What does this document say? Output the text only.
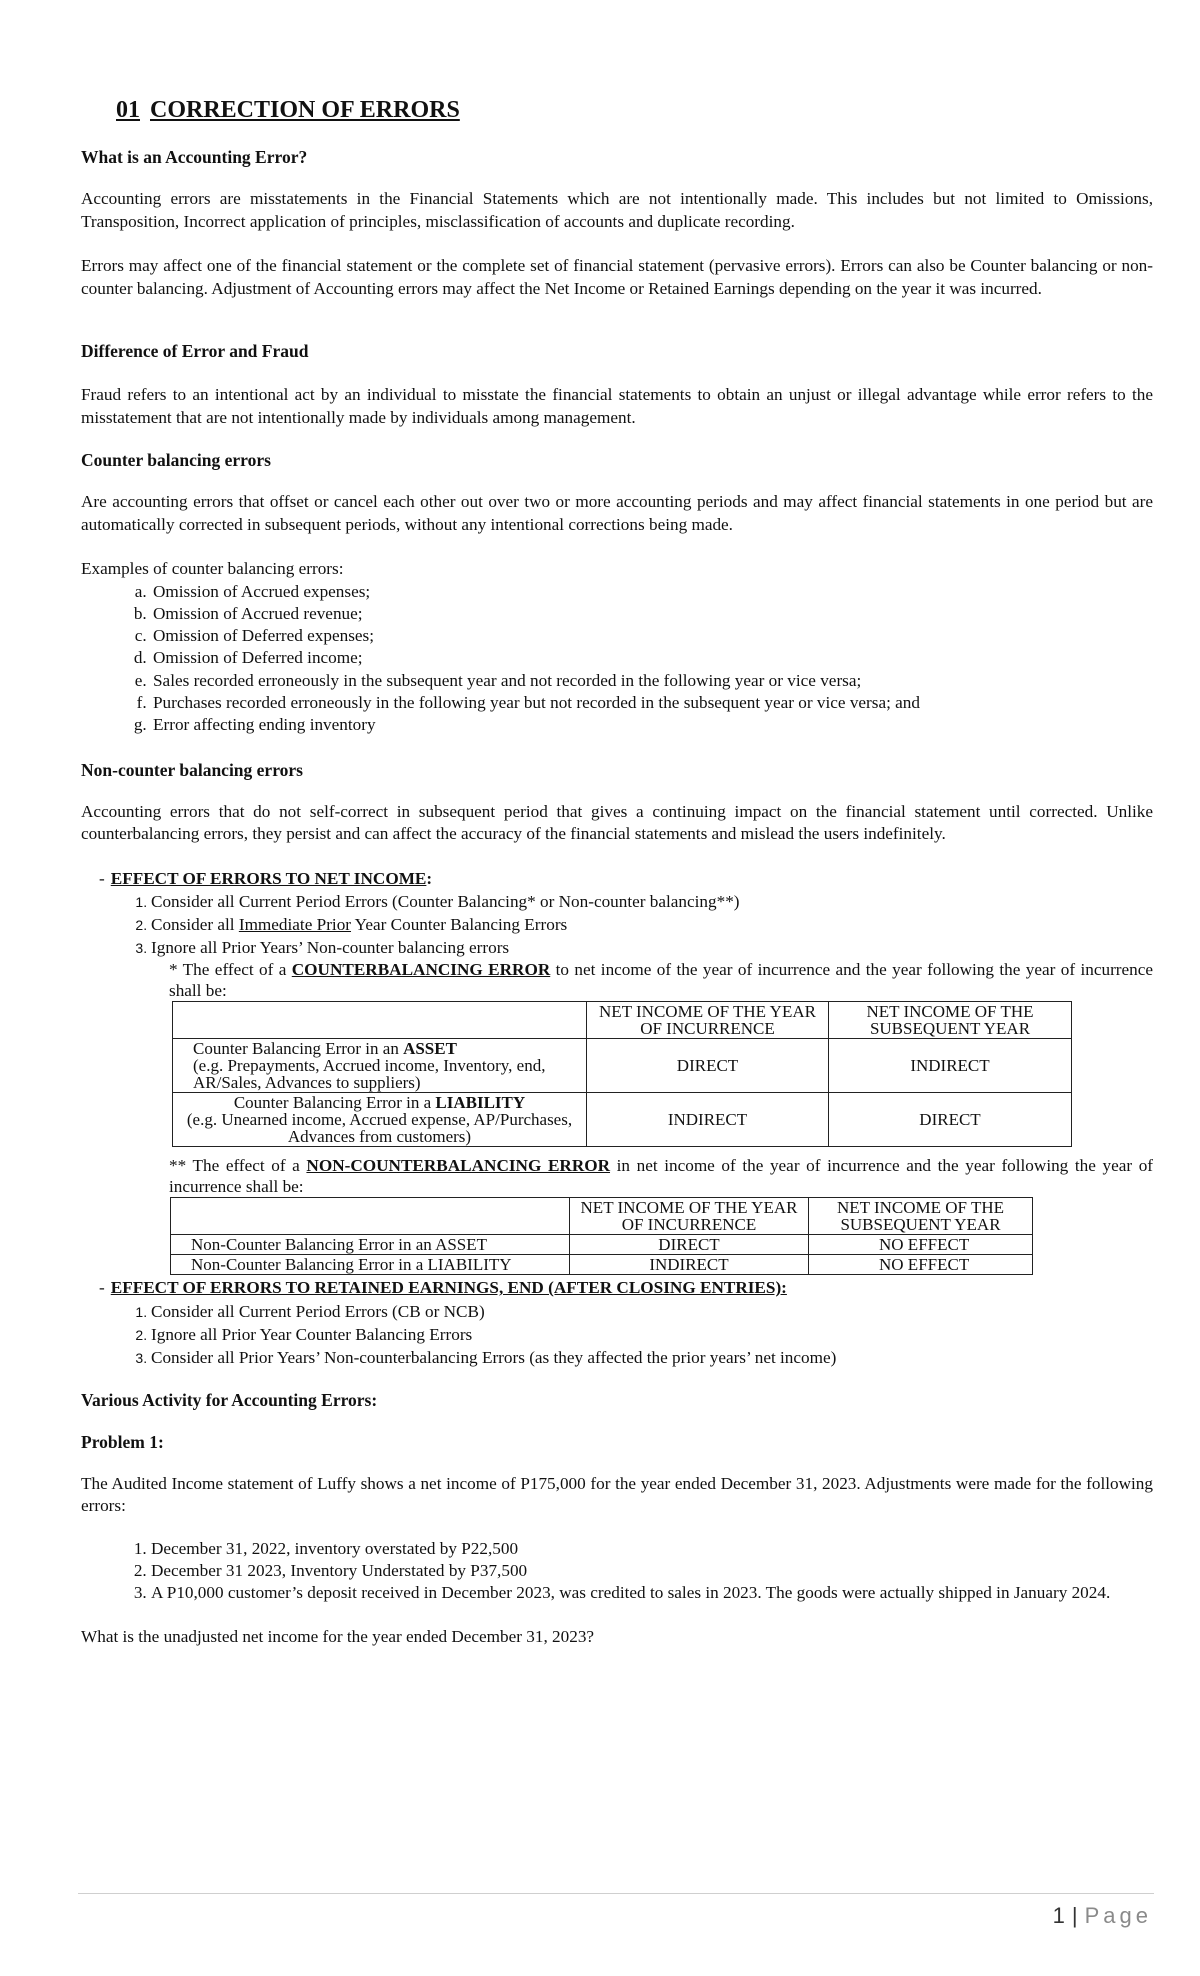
01 CORRECTION OF ERRORS
What is an Accounting Error?

Accounting errors are misstatements in the Financial Statements which are not intentionally made. This includes but not limited to Omissions, Transposition, Incorrect application of principles, misclassification of accounts and duplicate recording.

Errors may affect one of the financial statement or the complete set of financial statement (pervasive errors). Errors can also be Counter balancing or non-counter balancing. Adjustment of Accounting errors may affect the Net Income or Retained Earnings depending on the year it was incurred.

Difference of Error and Fraud

Fraud refers to an intentional act by an individual to misstate the financial statements to obtain an unjust or illegal advantage while error refers to the misstatement that are not intentionally made by individuals among management.

Counter balancing errors

Are accounting errors that offset or cancel each other out over two or more accounting periods and may affect financial statements in one period but are automatically corrected in subsequent periods, without any intentional corrections being made.

Examples of counter balancing errors:

a. Omission of Accrued expenses;
b. Omission of Accrued revenue;
c. Omission of Deferred expenses;
d. Omission of Deferred income;
e. Sales recorded erroneously in the subsequent year and not recorded in the following year or vice versa;
f. Purchases recorded erroneously in the following year but not recorded in the subsequent year or vice versa; and
g. Error affecting ending inventory
Non-counter balancing errors

Accounting errors that do not self-correct in subsequent period that gives a continuing impact on the financial statement until corrected. Unlike counterbalancing errors, they persist and can affect the accuracy of the financial statements and mislead the users indefinitely.

- EFFECT OF ERRORS TO NET INCOME:
1. Consider all Current Period Errors (Counter Balancing* or Non-counter balancing**)
2. Consider all Immediate Prior Year Counter Balancing Errors
3. Ignore all Prior Years’ Non-counter balancing errors

* The effect of a COUNTERBALANCING ERROR to net income of the year of incurrence and the year following the year of incurrence shall be:

	NET INCOME OF THE YEAR OF INCURRENCE	NET INCOME OF THE SUBSEQUENT YEAR
Counter Balancing Error in an ASSET
(e.g. Prepayments, Accrued income, Inventory, end, AR/Sales, Advances to suppliers)	DIRECT	INDIRECT
Counter Balancing Error in a LIABILITY
(e.g. Unearned income, Accrued expense, AP/Purchases, Advances from customers)	INDIRECT	DIRECT

** The effect of a NON-COUNTERBALANCING ERROR in net income of the year of incurrence and the year following the year of incurrence shall be:

	NET INCOME OF THE YEAR OF INCURRENCE	NET INCOME OF THE SUBSEQUENT YEAR
Non-Counter Balancing Error in an ASSET	DIRECT	NO EFFECT
Non-Counter Balancing Error in a LIABILITY	INDIRECT	NO EFFECT
- EFFECT OF ERRORS TO RETAINED EARNINGS, END (AFTER CLOSING ENTRIES):
1. Consider all Current Period Errors (CB or NCB)
2. Ignore all Prior Year Counter Balancing Errors
3. Consider all Prior Years’ Non-counterbalancing Errors (as they affected the prior years’ net income)
Various Activity for Accounting Errors:
Problem 1:

The Audited Income statement of Luffy shows a net income of P175,000 for the year ended December 31, 2023. Adjustments were made for the following errors:

1. December 31, 2022, inventory overstated by P22,500
2. December 31 2023, Inventory Understated by P37,500
3. A P10,000 customer’s deposit received in December 2023, was credited to sales in 2023. The goods were actually shipped in January 2024.

What is the unadjusted net income for the year ended December 31, 2023?

1 | Page
